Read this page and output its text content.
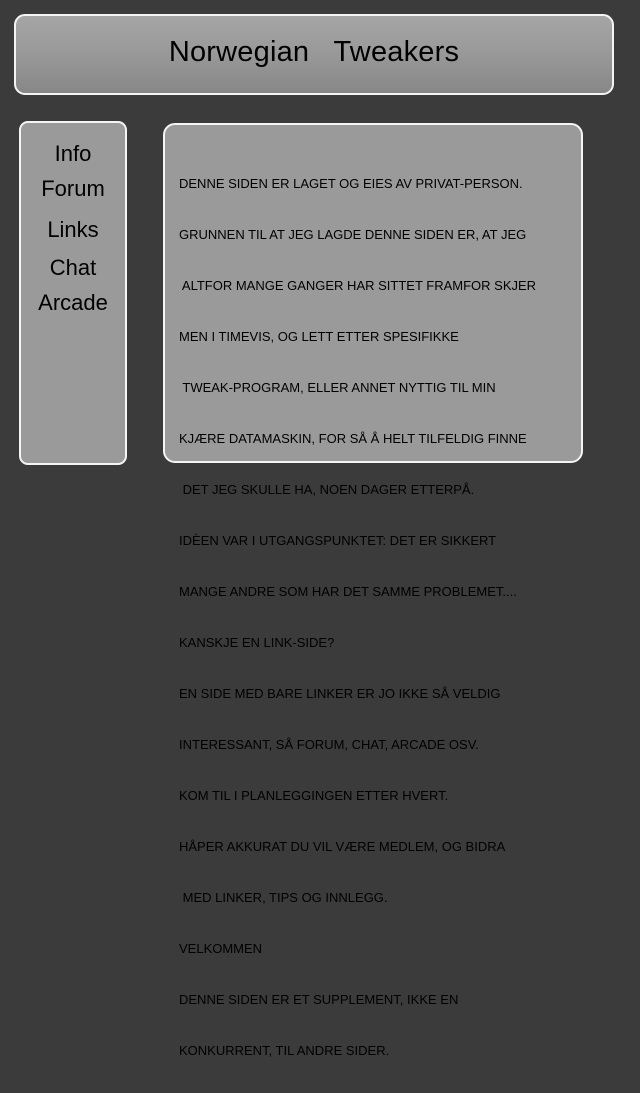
Norwegian   Tweakers
Info
Forum
Links
Chat
Arcade

DENNE SIDEN ER LAGET OG EIES AV PRIVAT-PERSON.

GRUNNEN TIL AT JEG LAGDE DENNE SIDEN ER, AT JEG

ALTFOR MANGE GANGER HAR SITTET FRAMFOR SKJER

MEN I TIMEVIS, OG LETT ETTER SPESIFIKKE

TWEAK-PROGRAM, ELLER ANNET NYTTIG TIL MIN

KJÆRE DATAMASKIN, FOR SÅ Å HELT TILFELDIG FINNE

DET JEG SKULLE HA, NOEN DAGER ETTERPÅ.

IDÈEN VAR I UTGANGSPUNKTET: DET ER SIKKERT

MANGE ANDRE SOM HAR DET SAMME PROBLEMET....

KANSKJE EN LINK-SIDE?

EN SIDE MED BARE LINKER ER JO IKKE SÅ VELDIG

INTERESSANT, SÅ FORUM, CHAT, ARCADE OSV.

KOM TIL I PLANLEGGINGEN ETTER HVERT.

HÅPER AKKURAT DU VIL VÆRE MEDLEM, OG BIDRA

MED LINKER, TIPS OG INNLEGG.

VELKOMMEN

DENNE SIDEN ER ET SUPPLEMENT, IKKE EN

KONKURRENT, TIL ANDRE SIDER.
